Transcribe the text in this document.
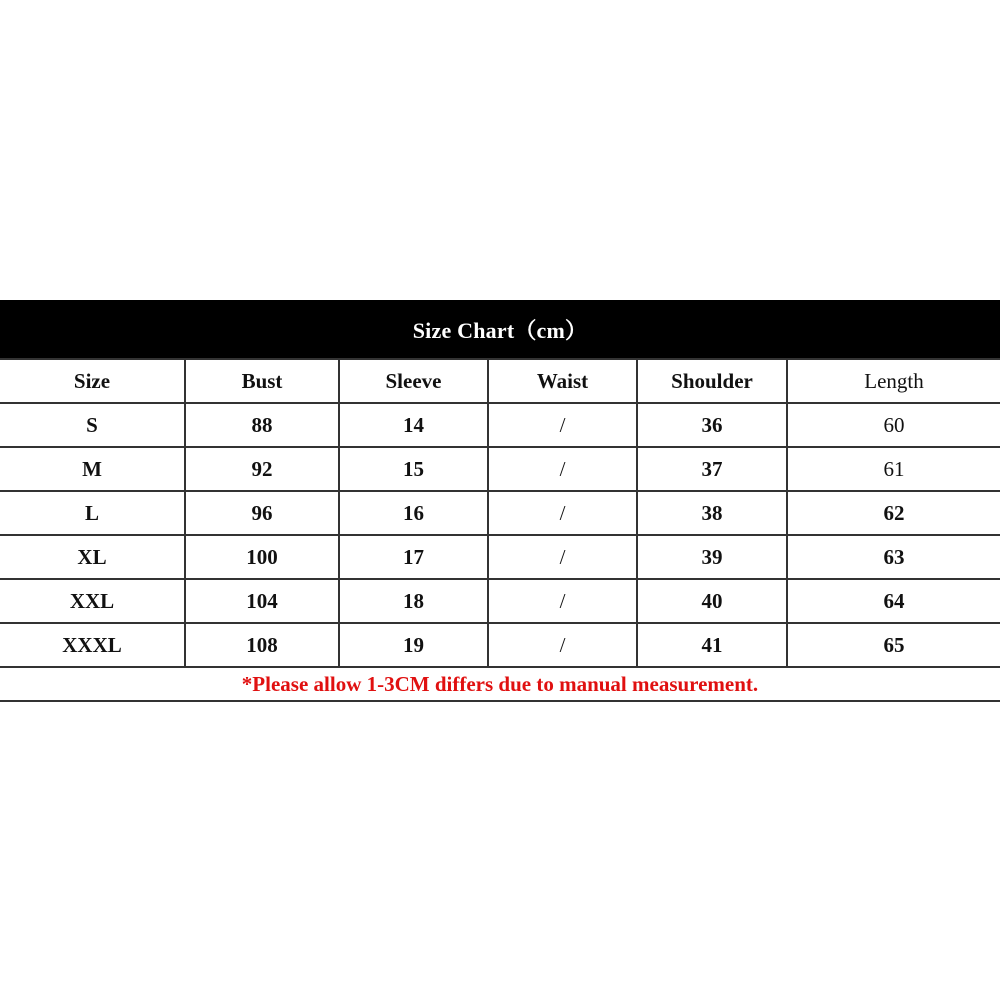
Size Chart（cm）
Size	Bust	Sleeve	Waist	Shoulder	Length
S	88	14	/	36	60
M	92	15	/	37	61
L	96	16	/	38	62
XL	100	17	/	39	63
XXL	104	18	/	40	64
XXXL	108	19	/	41	65
*Please allow 1-3CM differs due to manual measurement.
